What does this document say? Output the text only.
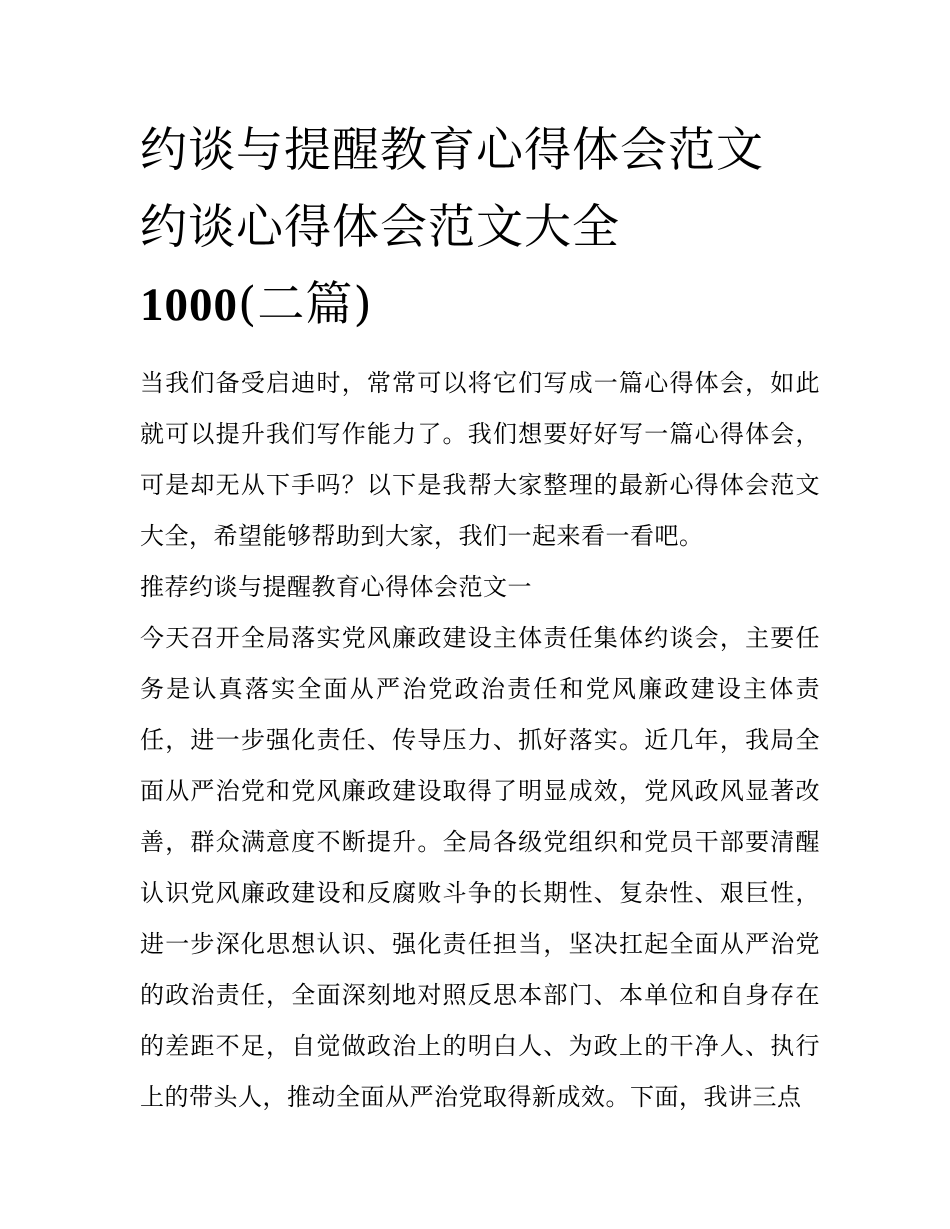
约谈与提醒教育心得体会范文
约谈心得体会范文大全
1000(二篇)

当我们备受启迪时，常常可以将它们写成一篇心得体会，如此就可以提升我们写作能力了。我们想要好好写一篇心得体会，可是却无从下手吗？以下是我帮大家整理的最新心得体会范文大全，希望能够帮助到大家，我们一起来看一看吧。

推荐约谈与提醒教育心得体会范文一

今天召开全局落实党风廉政建设主体责任集体约谈会，主要任务是认真落实全面从严治党政治责任和党风廉政建设主体责任，进一步强化责任、传导压力、抓好落实。近几年，我局全面从严治党和党风廉政建设取得了明显成效，党风政风显著改善，群众满意度不断提升。全局各级党组织和党员干部要清醒认识党风廉政建设和反腐败斗争的长期性、复杂性、艰巨性，进一步深化思想认识、强化责任担当，坚决扛起全面从严治党的政治责任，全面深刻地对照反思本部门、本单位和自身存在的差距不足，自觉做政治上的明白人、为政上的干净人、执行上的带头人，推动全面从严治党取得新成效。下面，我讲三点
